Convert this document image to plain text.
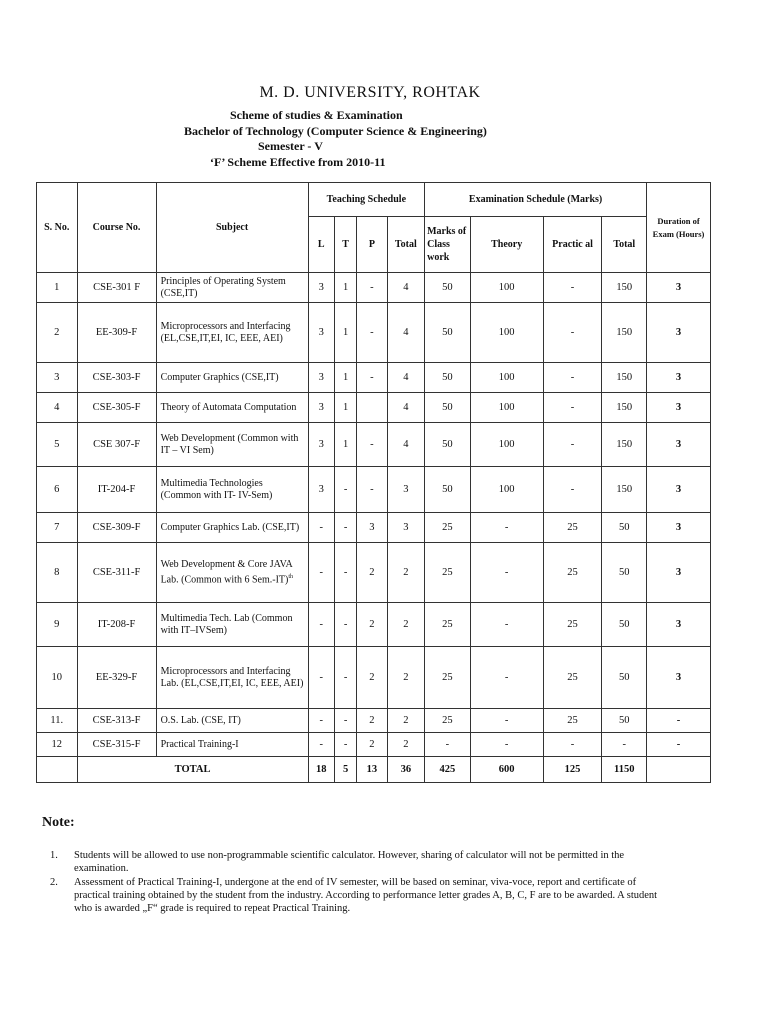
M. D. UNIVERSITY, ROHTAK
Scheme of studies & Examination
Bachelor of Technology (Computer Science & Engineering)
Semester - V
‘F’ Scheme Effective from 2010-11
S. No.	Course No.	Subject	Teaching Schedule				Examination Schedule (Marks)				Duration of Exam (Hours)
			L	T	P	Total	Marks of Class work	Theory	Practic al	Total	
1	CSE-301 F	Principles of Operating System (CSE,IT)	3	1	-	4	50	100	-	150	3
2	EE-309-F	Microprocessors and Interfacing (EL,CSE,IT,EI, IC, EEE, AEI)	3	1	-	4	50	100	-	150	3
3	CSE-303-F	Computer Graphics (CSE,IT)	3	1	-	4	50	100	-	150	3
4	CSE-305-F	Theory of Automata Computation	3	1		4	50	100	-	150	3
5	CSE 307-F	Web Development (Common with IT – VI Sem)	3	1	-	4	50	100	-	150	3
6	IT-204-F	Multimedia Technologies (Common with IT- IV-Sem)	3	-	-	3	50	100	-	150	3
7	CSE-309-F	Computer Graphics Lab. (CSE,IT)	-	-	3	3	25	-	25	50	3
8	CSE-311-F	Web Development & Core JAVA Lab. (Common with 6 Sem.-IT)$^{th}$	-	-	2	2	25	-	25	50	3
9	IT-208-F	Multimedia Tech. Lab (Common with IT–IVSem)	-	-	2	2	25	-	25	50	3
10	EE-329-F	Microprocessors and Interfacing Lab. (EL,CSE,IT,EI, IC, EEE, AEI)	-	-	2	2	25	-	25	50	3
11.	CSE-313-F	O.S. Lab. (CSE, IT)	-	-	2	2	25	-	25	50	-
12	CSE-315-F	Practical Training-I	-	-	2	2	-	-	-	-	-
	TOTAL		18	5	13	36	425	600	125	1150	
Note:
1. Students will be allowed to use non-programmable scientific calculator. However, sharing of calculator will not be permitted in the examination.
2. Assessment of Practical Training-I, undergone at the end of IV semester, will be based on seminar, viva-voce, report and certificate of practical training obtained by the student from the industry. According to performance letter grades A, B, C, F are to be awarded. A student who is awarded „F“ grade is required to repeat Practical Training.
